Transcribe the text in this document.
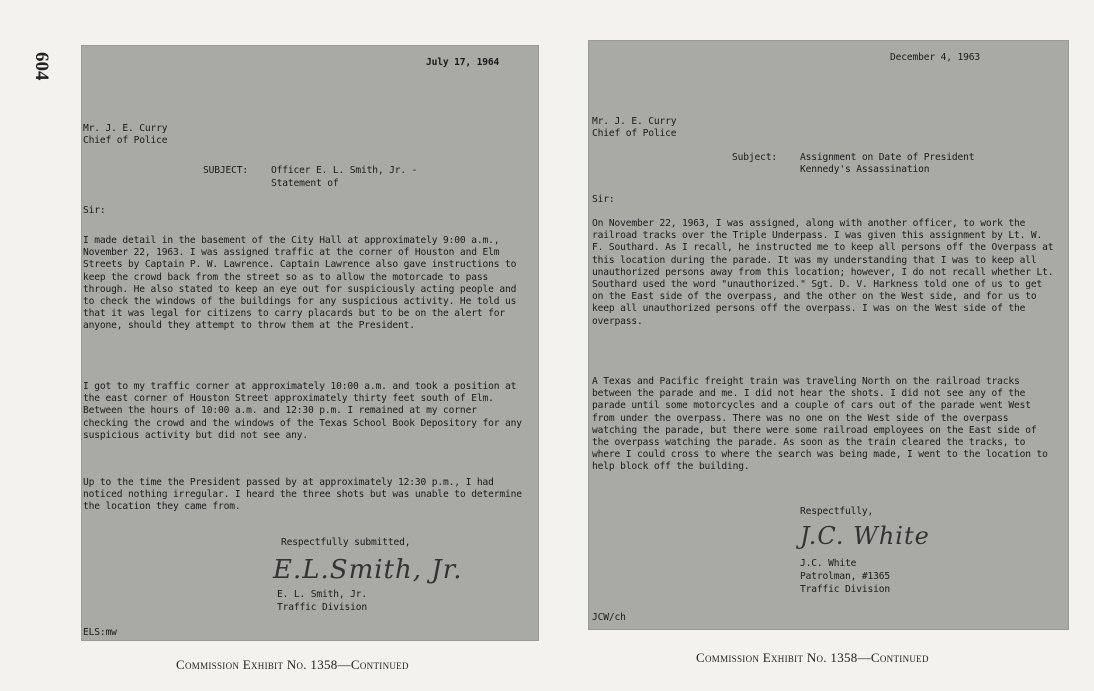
604	July 17, 1964

Mr. J. E. Curry

Chief of Police

SUBJECT: Officer E. L. Smith, Jr. -

Statement of

Sir:

I made detail in the basement of the City Hall at approximately 9:00 a.m., November 22, 1963. I was assigned traffic at the corner of Houston and Elm Streets by Captain P. W. Lawrence. Captain Lawrence also gave instructions to keep the crowd back from the street so as to allow the motorcade to pass through. He also stated to keep an eye out for suspiciously acting people and to check the windows of the buildings for any suspicious activity. He told us that it was legal for citizens to carry placards but to be on the alert for anyone, should they attempt to throw them at the President.

I got to my traffic corner at approximately 10:00 a.m. and took a position at the east corner of Houston Street approximately thirty feet south of Elm. Between the hours of 10:00 a.m. and 12:30 p.m. I remained at my corner checking the crowd and the windows of the Texas School Book Depository for any suspicious activity but did not see any.

Up to the time the President passed by at approximately 12:30 p.m., I had noticed nothing irregular. I heard the three shots but was unable to determine the location they came from.

Respectfully submitted,

E.L.Smith, Jr.

E. L. Smith, Jr.

Traffic Division

ELS:mw

December 4, 1963

Mr. J. E. Curry

Chief of Police

Subject: Assignment on Date of President

Kennedy's Assassination

Sir:

On November 22, 1963, I was assigned, along with another officer, to work the railroad tracks over the Triple Underpass. I was given this assignment by Lt. W. F. Southard. As I recall, he instructed me to keep all persons off the Overpass at this location during the parade. It was my understanding that I was to keep all unauthorized persons away from this location; however, I do not recall whether Lt. Southard used the word "unauthorized." Sgt. D. V. Harkness told one of us to get on the East side of the overpass, and the other on the West side, and for us to keep all unauthorized persons off the overpass. I was on the West side of the overpass.

A Texas and Pacific freight train was traveling North on the railroad tracks between the parade and me. I did not hear the shots. I did not see any of the parade until some motorcycles and a couple of cars out of the parade went West from under the overpass. There was no one on the West side of the overpass watching the parade, but there were some railroad employees on the East side of the overpass watching the parade. As soon as the train cleared the tracks, to where I could cross to where the search was being made, I went to the location to help block off the building.

Respectfully,

J.C. White

J.C. White

Patrolman, #1365

Traffic Division

JCW/ch

Commission Exhibit No. 1358—Continued	Commission Exhibit No. 1358—Continued
